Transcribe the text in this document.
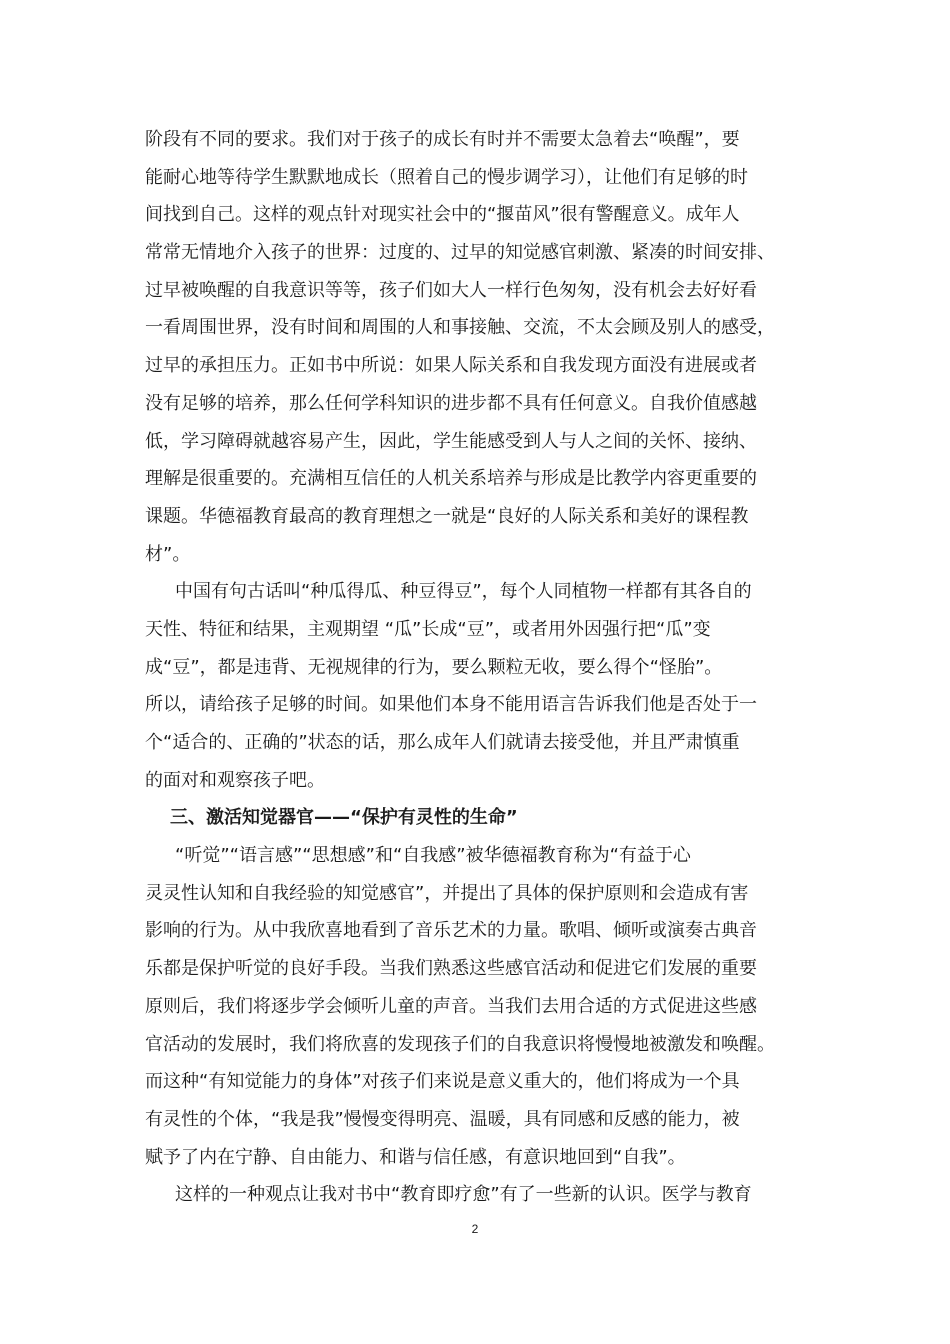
阶段有不同的要求。我们对于孩子的成长有时并不需要太急着去“唤醒”，要
能耐心地等待学生默默地成长（照着自己的慢步调学习），让他们有足够的时
间找到自己。这样的观点针对现实社会中的“揠苗风”很有警醒意义。成年人
常常无情地介入孩子的世界：过度的、过早的知觉感官刺激、紧凑的时间安排、
过早被唤醒的自我意识等等，孩子们如大人一样行色匆匆，没有机会去好好看
一看周围世界，没有时间和周围的人和事接触、交流，不太会顾及别人的感受，
过早的承担压力。正如书中所说：如果人际关系和自我发现方面没有进展或者
没有足够的培养，那么任何学科知识的进步都不具有任何意义。自我价值感越
低，学习障碍就越容易产生，因此，学生能感受到人与人之间的关怀、接纳、
理解是很重要的。充满相互信任的人机关系培养与形成是比教学内容更重要的
课题。华德福教育最高的教育理想之一就是“良好的人际关系和美好的课程教
材”。
中国有句古话叫“种瓜得瓜、种豆得豆”，每个人同植物一样都有其各自的
天性、特征和结果，主观期望 “瓜”长成“豆”，或者用外因强行把“瓜”变
成“豆”，都是违背、无视规律的行为，要么颗粒无收，要么得个“怪胎”。
所以，请给孩子足够的时间。如果他们本身不能用语言告诉我们他是否处于一
个“适合的、正确的”状态的话，那么成年人们就请去接受他，并且严肃慎重
的面对和观察孩子吧。
三、激活知觉器官——“保护有灵性的生命”
“听觉”“语言感”“思想感”和“自我感”被华德福教育称为“有益于心
灵灵性认知和自我经验的知觉感官”，并提出了具体的保护原则和会造成有害
影响的行为。从中我欣喜地看到了音乐艺术的力量。歌唱、倾听或演奏古典音
乐都是保护听觉的良好手段。当我们熟悉这些感官活动和促进它们发展的重要
原则后，我们将逐步学会倾听儿童的声音。当我们去用合适的方式促进这些感
官活动的发展时，我们将欣喜的发现孩子们的自我意识将慢慢地被激发和唤醒。
而这种“有知觉能力的身体”对孩子们来说是意义重大的，他们将成为一个具
有灵性的个体，“我是我”慢慢变得明亮、温暖，具有同感和反感的能力，被
赋予了内在宁静、自由能力、和谐与信任感，有意识地回到“自我”。
这样的一种观点让我对书中“教育即疗愈”有了一些新的认识。医学与教育
2
